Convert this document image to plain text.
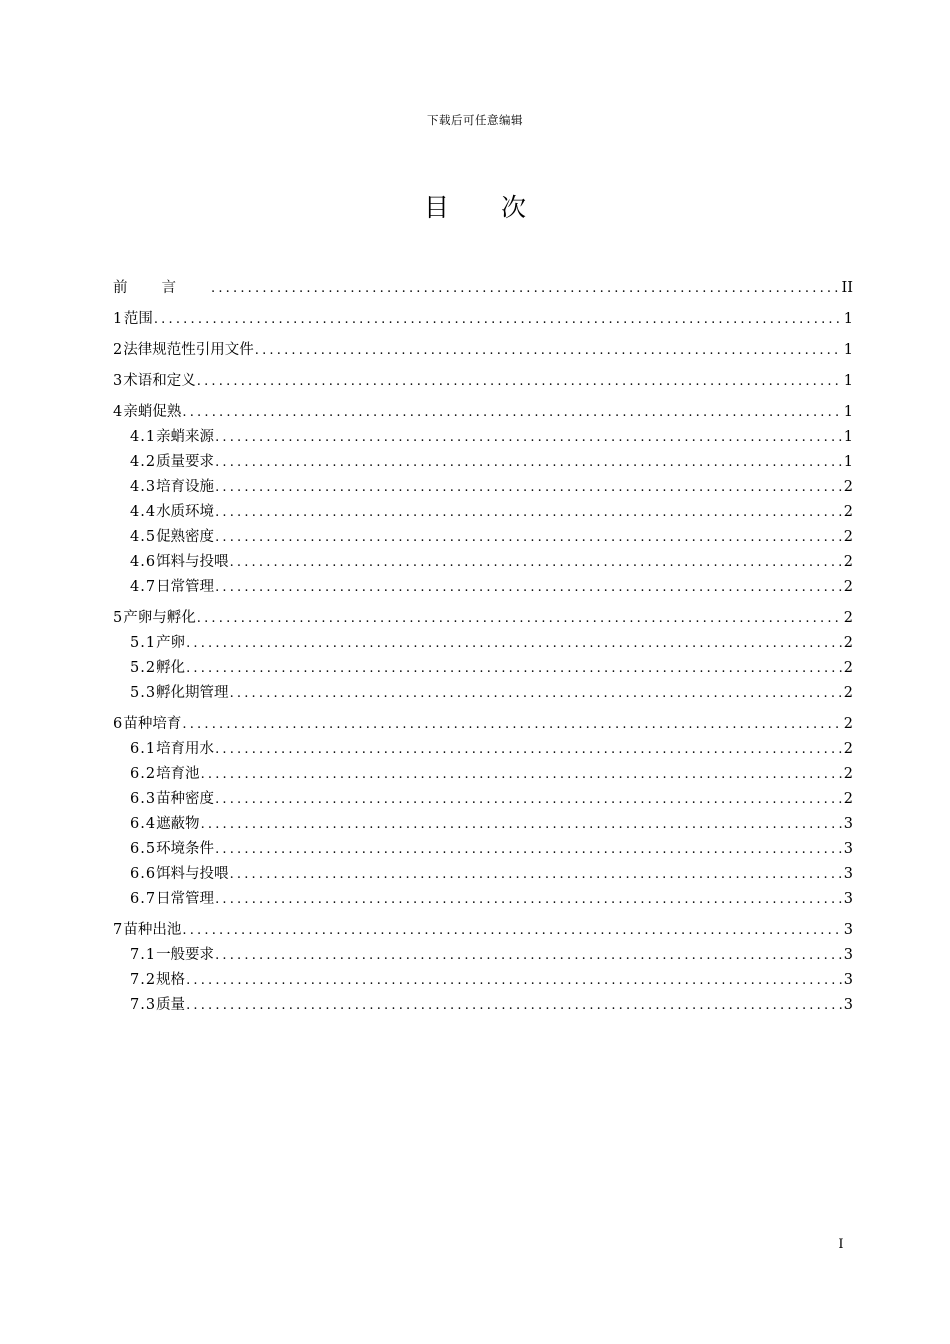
下载后可任意编辑
目次
前言 .....	II
1 范围 .....	1
2 法律规范性引用文件 .....	1
3 术语和定义 .....	1
4 亲蛸促熟 .....	1
4.1 亲蛸来源 .....	1
4.2 质量要求 .....	1
4.3 培育设施 .....	2
4.4 水质环境 .....	2
4.5 促熟密度 .....	2
4.6 饵料与投喂 .....	2
4.7 日常管理 .....	2
5 产卵与孵化 .....	2
5.1 产卵 .....	2
5.2 孵化 .....	2
5.3 孵化期管理 .....	2
6 苗种培育 .....	2
6.1 培育用水 .....	2
6.2 培育池 .....	2
6.3 苗种密度 .....	2
6.4 遮蔽物 .....	3
6.5 环境条件 .....	3
6.6 饵料与投喂 .....	3
6.7 日常管理 .....	3
7 苗种出池 .....	3
7.1 一般要求 .....	3
7.2 规格 .....	3
7.3 质量 .....	3
I
